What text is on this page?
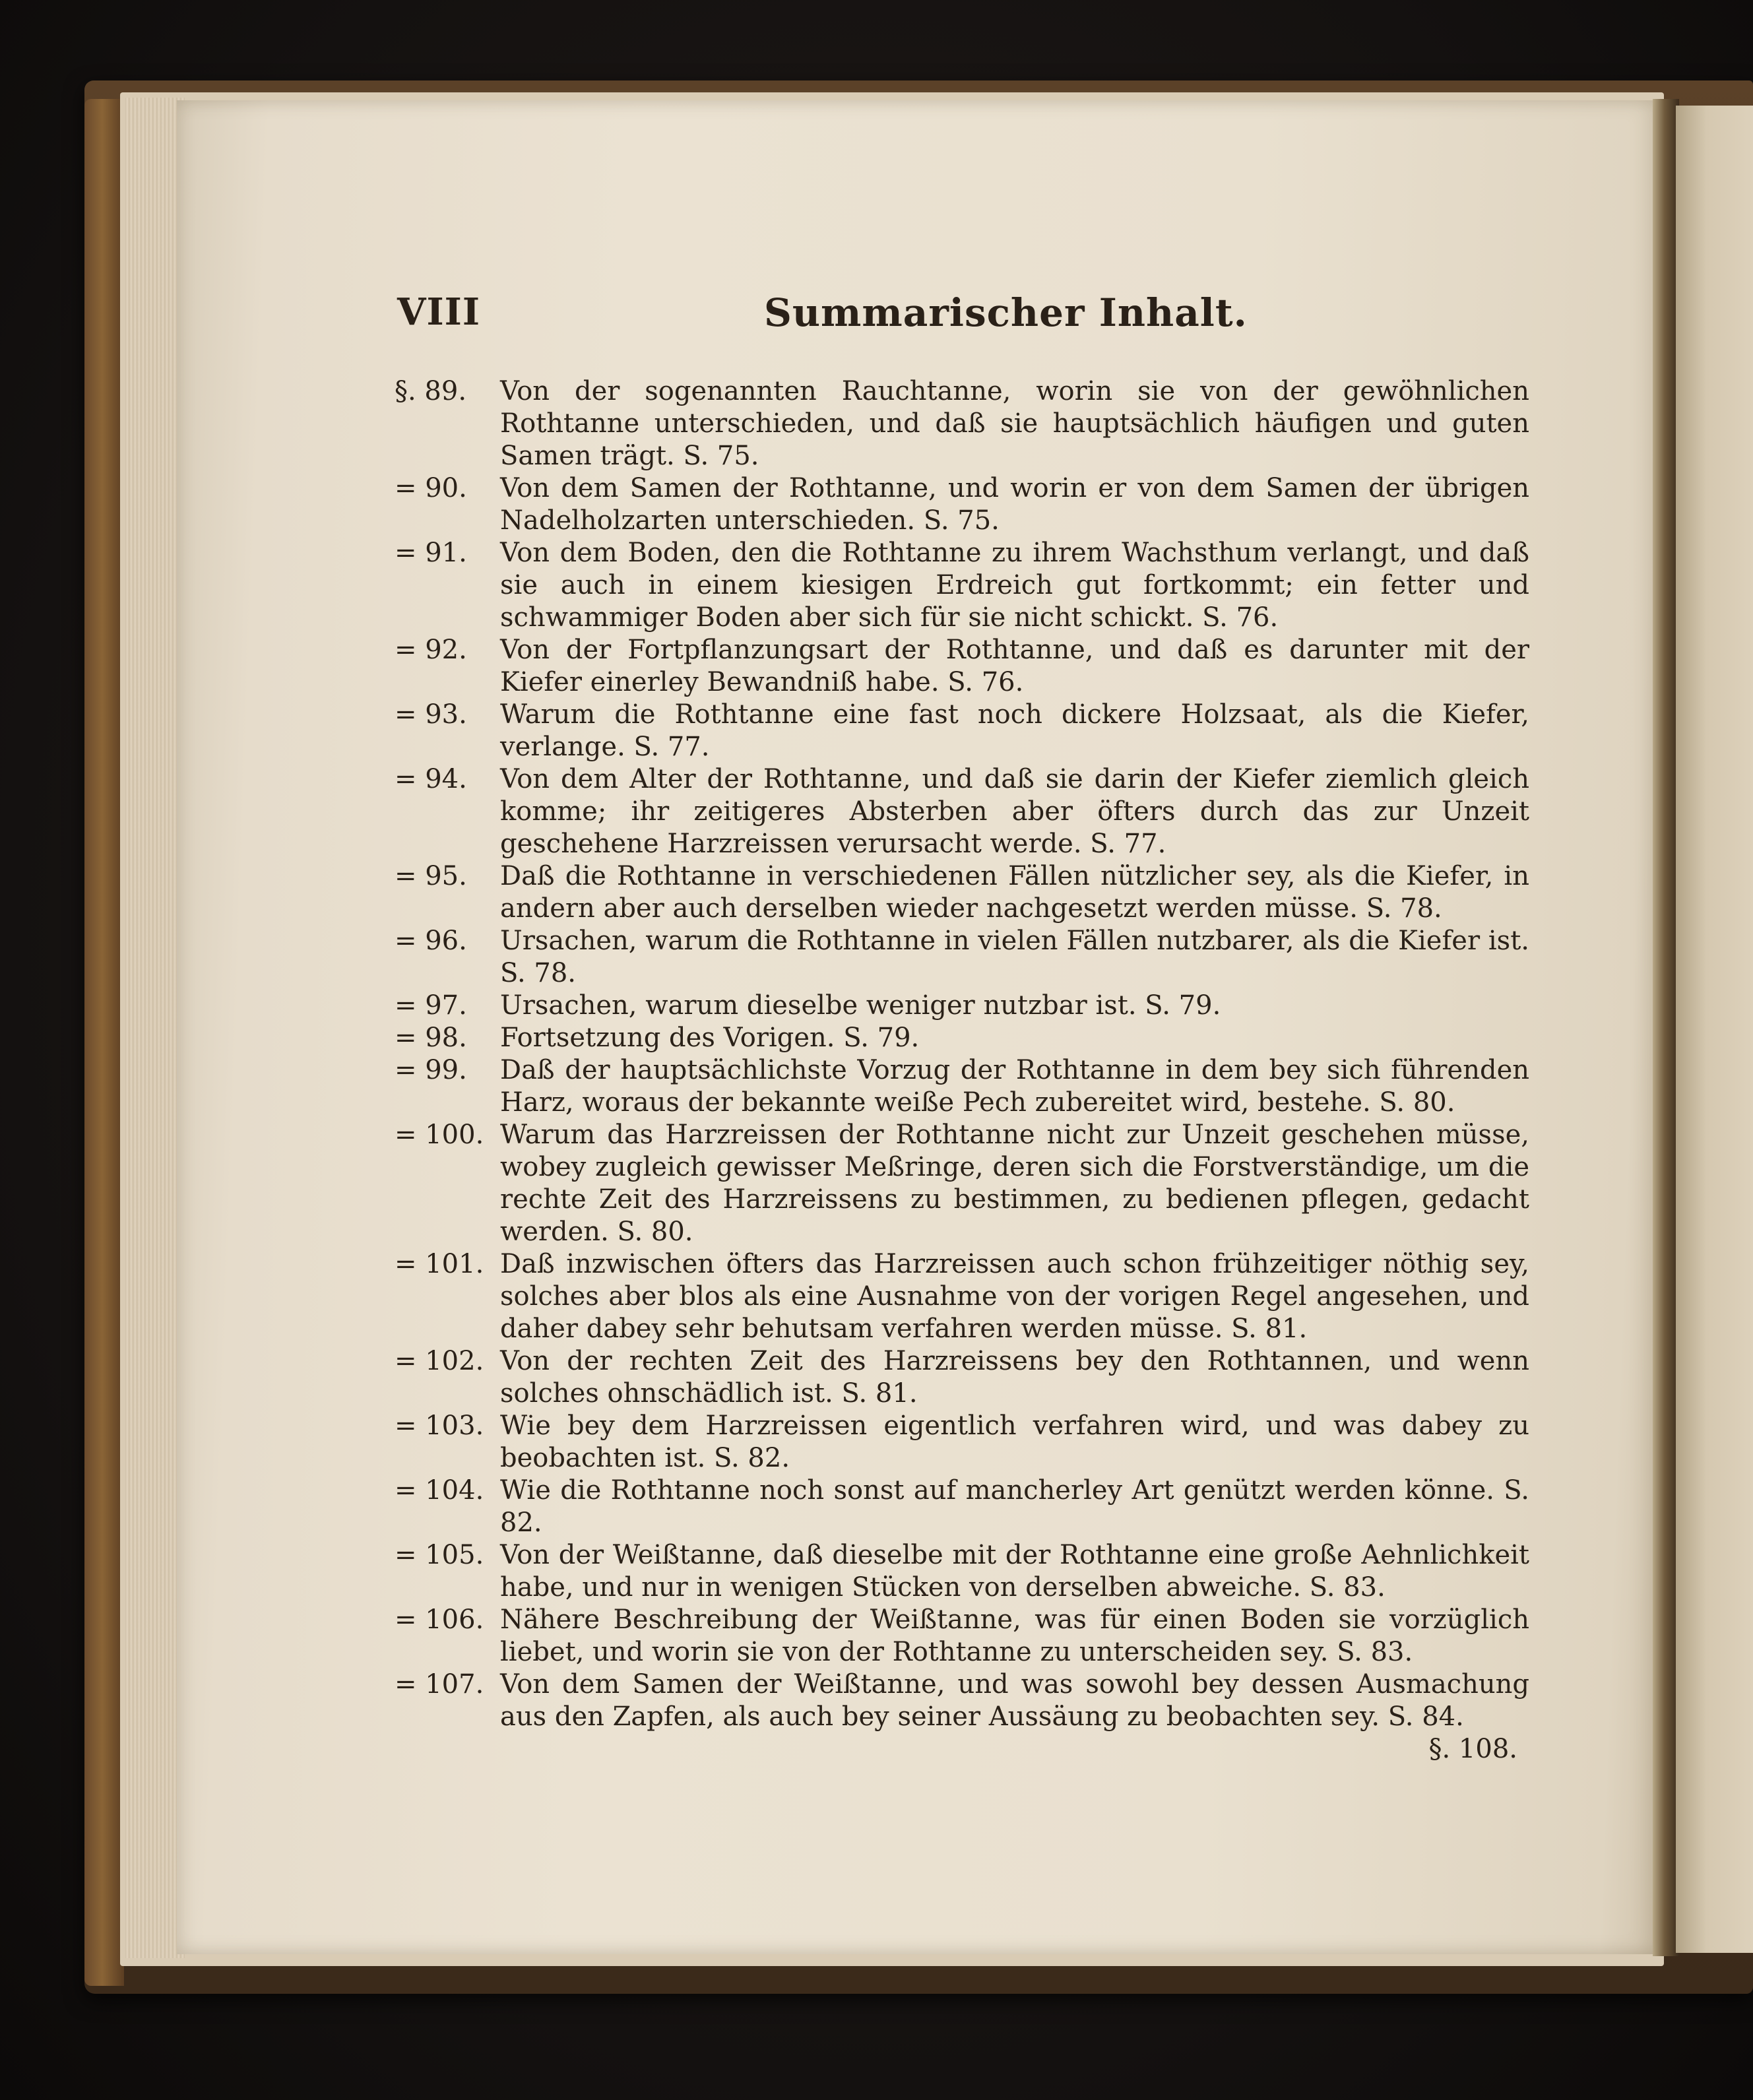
VIII	Summarischer Inhalt.
§. 89.	Von der sogenannten Rauchtanne, worin sie von der gewöhnlichen Rothtanne unterschieden, und daß sie hauptsächlich häufigen und guten Samen trägt. S. 75.
= 90.	Von dem Samen der Rothtanne, und worin er von dem Samen der übrigen Nadelholzarten unterschieden. S. 75.
= 91.	Von dem Boden, den die Rothtanne zu ihrem Wachsthum verlangt, und daß sie auch in einem kiesigen Erdreich gut fortkommt; ein fetter und schwammiger Boden aber sich für sie nicht schickt. S. 76.
= 92.	Von der Fortpflanzungsart der Rothtanne, und daß es darunter mit der Kiefer einerley Bewandniß habe. S. 76.
= 93.	Warum die Rothtanne eine fast noch dickere Holzsaat, als die Kiefer, verlange. S. 77.
= 94.	Von dem Alter der Rothtanne, und daß sie darin der Kiefer ziemlich gleich komme; ihr zeitigeres Absterben aber öfters durch das zur Unzeit geschehene Harzreissen verursacht werde. S. 77.
= 95.	Daß die Rothtanne in verschiedenen Fällen nützlicher sey, als die Kiefer, in andern aber auch derselben wieder nachgesetzt werden müsse. S. 78.
= 96.	Ursachen, warum die Rothtanne in vielen Fällen nutzbarer, als die Kiefer ist. S. 78.
= 97.	Ursachen, warum dieselbe weniger nutzbar ist. S. 79.
= 98.	Fortsetzung des Vorigen. S. 79.
= 99.	Daß der hauptsächlichste Vorzug der Rothtanne in dem bey sich führenden Harz, woraus der bekannte weiße Pech zubereitet wird, bestehe. S. 80.
= 100. Warum das Harzreissen der Rothtanne nicht zur Unzeit geschehen müsse, wobey zugleich gewisser Meßringe, deren sich die Forstverständige, um die rechte Zeit des Harzreissens zu bestimmen, zu bedienen pflegen, gedacht werden. S. 80.
= 101. Daß inzwischen öfters das Harzreissen auch schon frühzeitiger nöthig sey, solches aber blos als eine Ausnahme von der vorigen Regel angesehen, und daher dabey sehr behutsam verfahren werden müsse. S. 81.
= 102. Von der rechten Zeit des Harzreissens bey den Rothtannen, und wenn solches ohnschädlich ist. S. 81.
= 103. Wie bey dem Harzreissen eigentlich verfahren wird, und was dabey zu beobachten ist. S. 82.
= 104. Wie die Rothtanne noch sonst auf mancherley Art genützt werden könne. S. 82.
= 105. Von der Weißtanne, daß dieselbe mit der Rothtanne eine große Aehnlichkeit habe, und nur in wenigen Stücken von derselben abweiche. S. 83.
= 106. Nähere Beschreibung der Weißtanne, was für einen Boden sie vorzüglich liebet, und worin sie von der Rothtanne zu unterscheiden sey. S. 83.
= 107. Von dem Samen der Weißtanne, und was sowohl bey dessen Ausmachung aus den Zapfen, als auch bey seiner Aussäung zu beobachten sey. S. 84.
§. 108.
